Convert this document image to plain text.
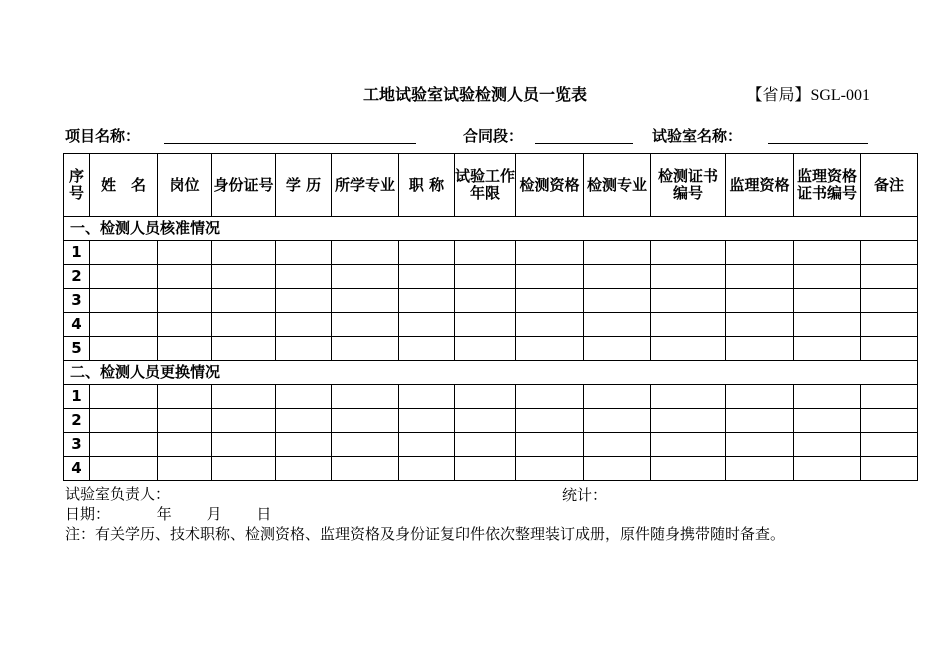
工地试验室试验检测人员一览表	【省局】SGL-001
项目名称：	合同段：	试验室名称：
序号	姓　名	岗位	身份证号	学 历	所学专业	职 称	试验工作年限	检测资格	检测专业	检测证书编号	监理资格	监理资格证书编号	备注
一、检测人员核准情况													
1													
2													
3													
4													
5													
二、检测人员更换情况													
1													
2													
3													
4													
试验室负责人：	统计：
日期：	年 月 日
注：有关学历、技术职称、检测资格、监理资格及身份证复印件依次整理装订成册，原件随身携带随时备查。
